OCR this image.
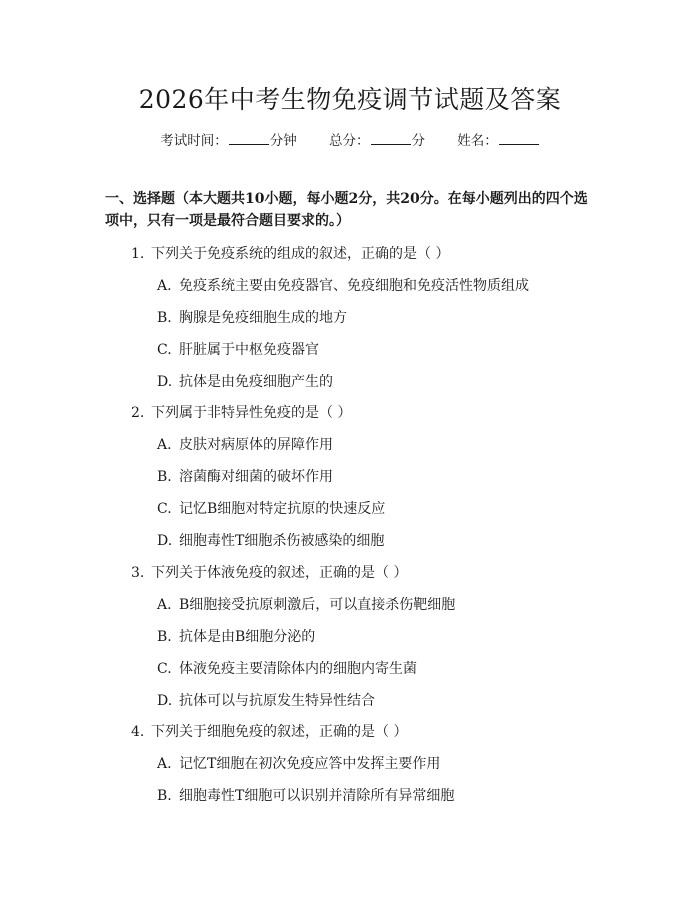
2026年中考生物免疫调节试题及答案
考试时间：	分钟 总分：	分 姓名：
一、选择题（本大题共10小题，每小题2分，共20分。在每小题列出的四个选项中，只有一项是最符合题目要求的。）
1. 下列关于免疫系统的组成的叙述，正确的是（ ）
A. 免疫系统主要由免疫器官、免疫细胞和免疫活性物质组成
B. 胸腺是免疫细胞生成的地方
C. 肝脏属于中枢免疫器官
D. 抗体是由免疫细胞产生的
2. 下列属于非特异性免疫的是（ ）
A. 皮肤对病原体的屏障作用
B. 溶菌酶对细菌的破坏作用
C. 记忆B细胞对特定抗原的快速反应
D. 细胞毒性T细胞杀伤被感染的细胞
3. 下列关于体液免疫的叙述，正确的是（ ）
A. B细胞接受抗原刺激后，可以直接杀伤靶细胞
B. 抗体是由B细胞分泌的
C. 体液免疫主要清除体内的细胞内寄生菌
D. 抗体可以与抗原发生特异性结合
4. 下列关于细胞免疫的叙述，正确的是（ ）
A. 记忆T细胞在初次免疫应答中发挥主要作用
B. 细胞毒性T细胞可以识别并清除所有异常细胞
